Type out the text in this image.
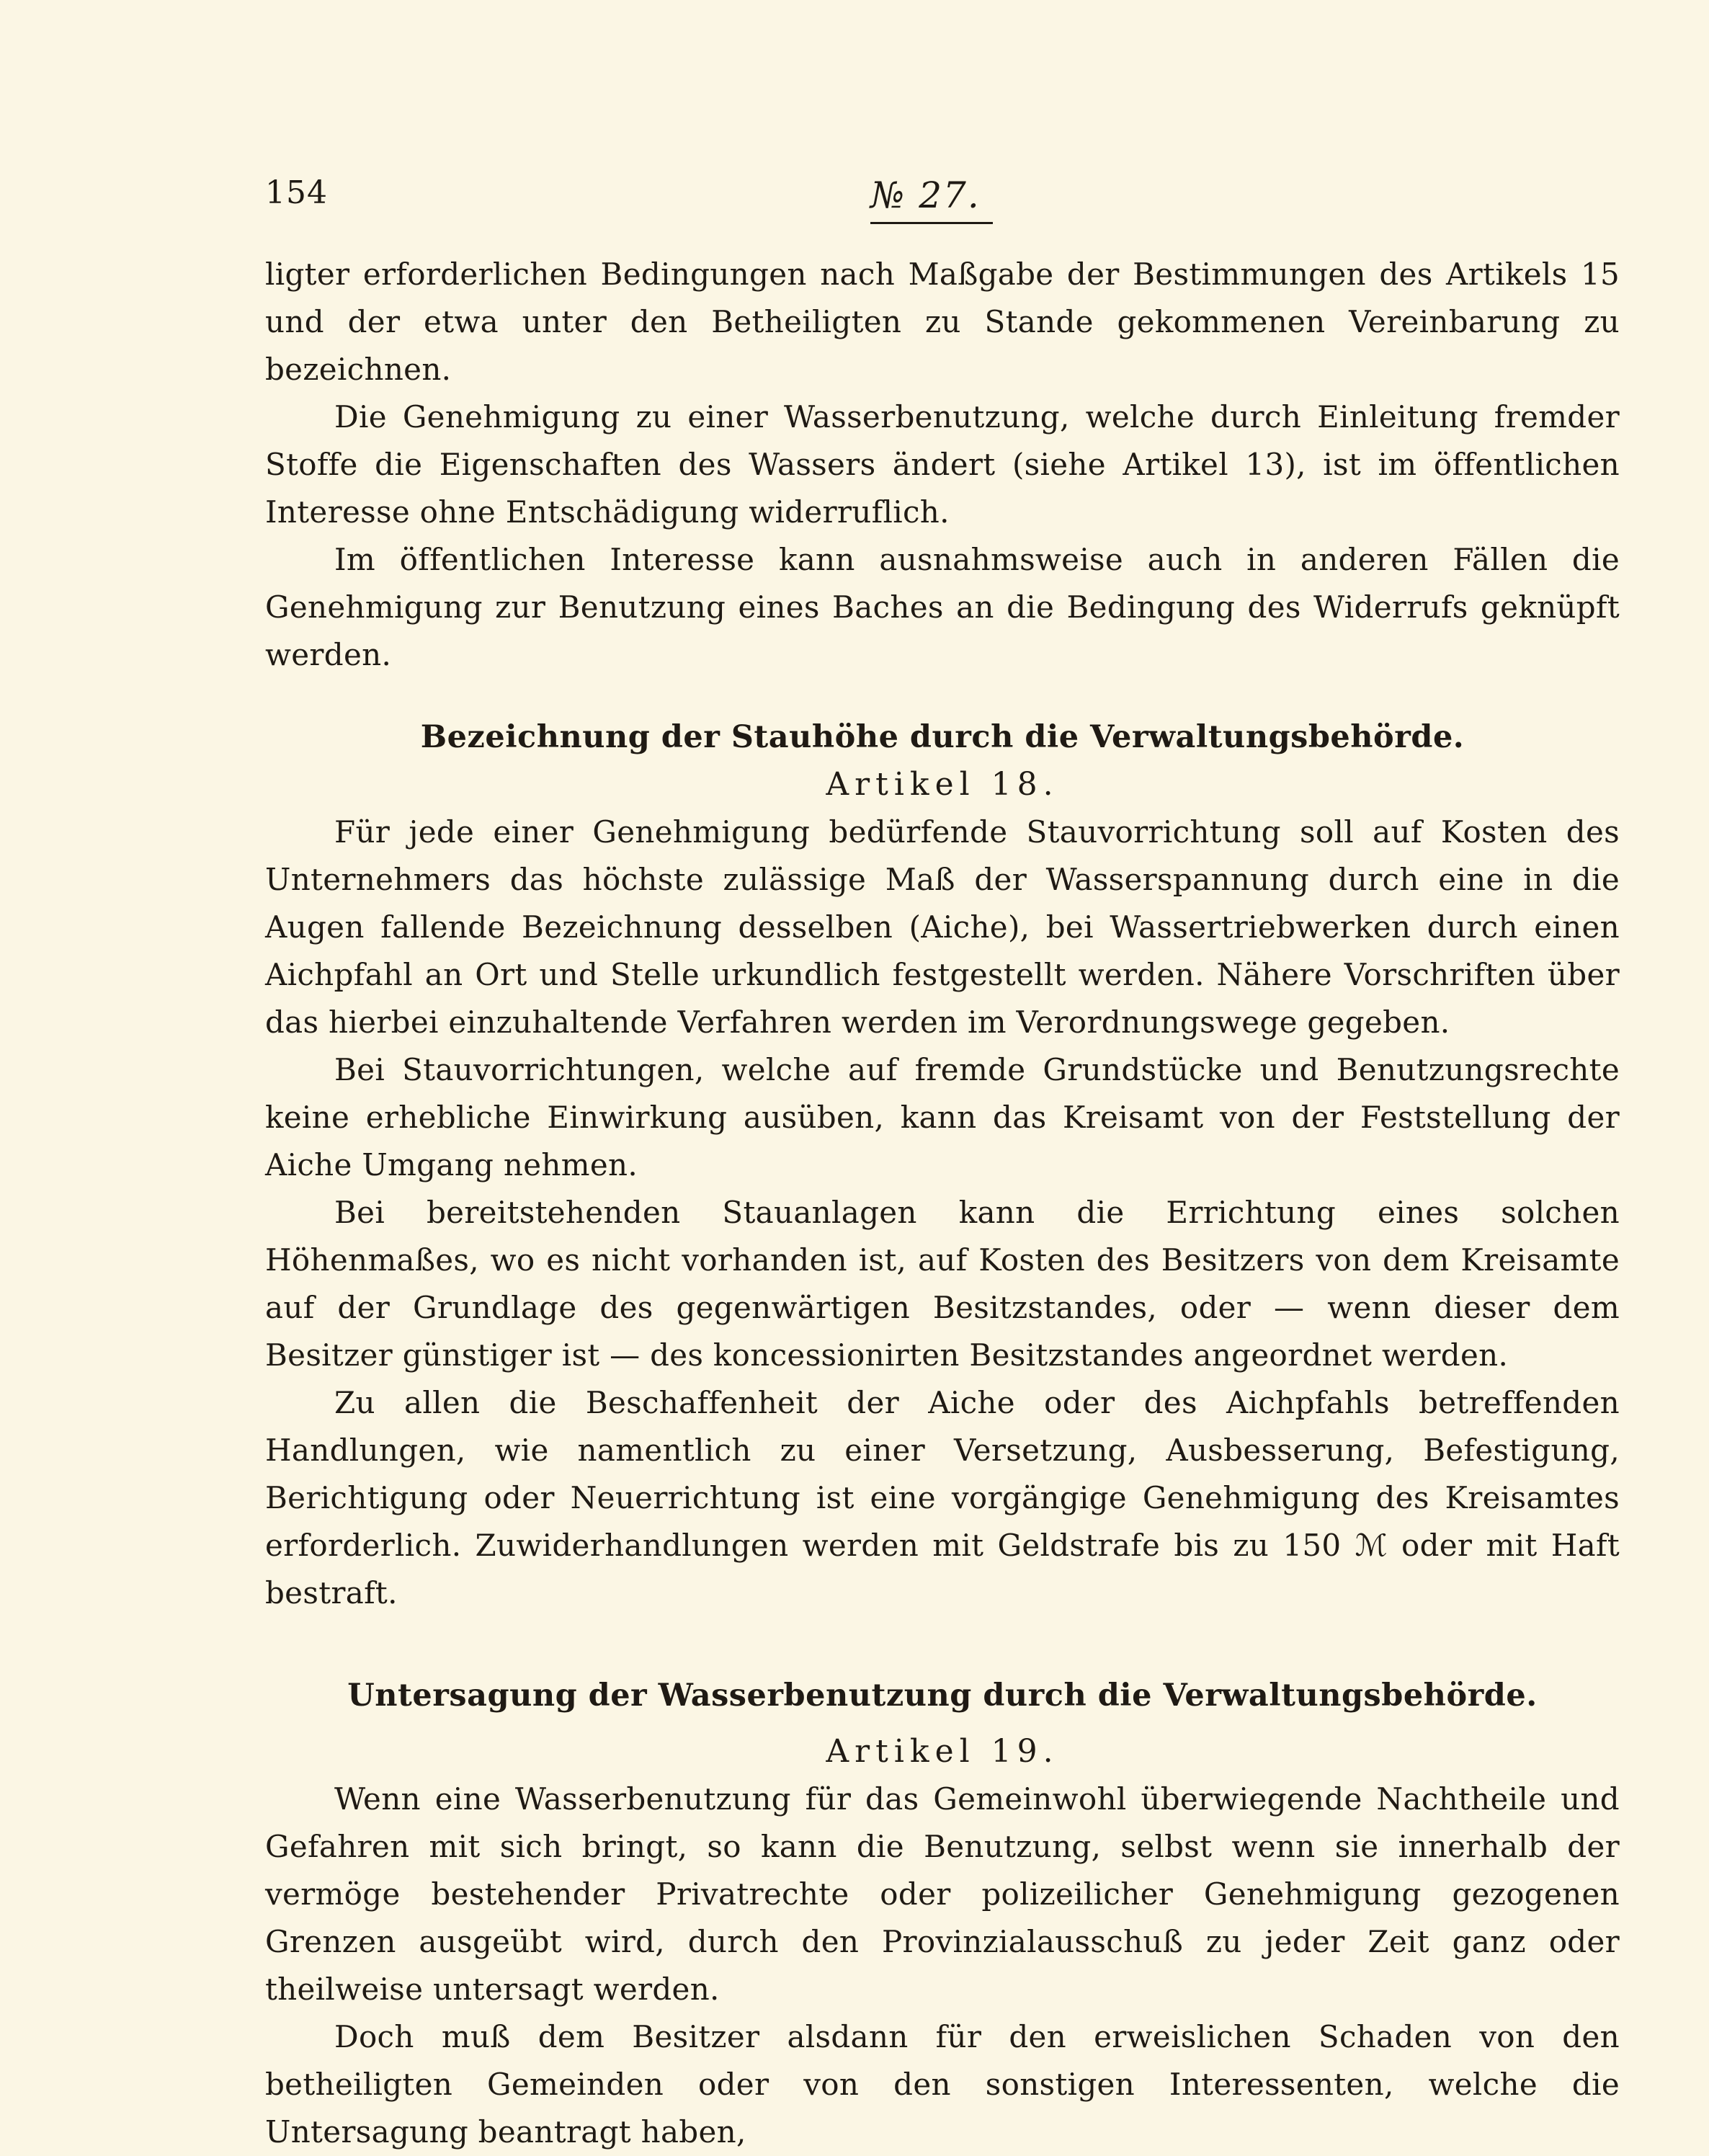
154	№ 27.

ligter erforderlichen Bedingungen nach Maßgabe der Bestimmungen des Artikels 15 und der etwa unter den Betheiligten zu Stande gekommenen Vereinbarung zu bezeichnen.

Die Genehmigung zu einer Wasserbenutzung, welche durch Einleitung fremder Stoffe die Eigenschaften des Wassers ändert (siehe Artikel 13), ist im öffentlichen Interesse ohne Entschädigung widerruflich.

Im öffentlichen Interesse kann ausnahmsweise auch in anderen Fällen die Genehmigung zur Benutzung eines Baches an die Bedingung des Widerrufs geknüpft werden.

Bezeichnung der Stauhöhe durch die Verwaltungsbehörde.
Artikel 18.

Für jede einer Genehmigung bedürfende Stauvorrichtung soll auf Kosten des Unternehmers das höchste zulässige Maß der Wasserspannung durch eine in die Augen fallende Bezeichnung desselben (Aiche), bei Wassertriebwerken durch einen Aichpfahl an Ort und Stelle urkundlich festgestellt werden. Nähere Vorschriften über das hierbei einzuhaltende Verfahren werden im Verordnungswege gegeben.

Bei Stauvorrichtungen, welche auf fremde Grundstücke und Benutzungsrechte keine erhebliche Einwirkung ausüben, kann das Kreisamt von der Feststellung der Aiche Umgang nehmen.

Bei bereitstehenden Stauanlagen kann die Errichtung eines solchen Höhenmaßes, wo es nicht vorhanden ist, auf Kosten des Besitzers von dem Kreisamte auf der Grundlage des gegenwärtigen Besitzstandes, oder — wenn dieser dem Besitzer günstiger ist — des koncessionirten Besitzstandes angeordnet werden.

Zu allen die Beschaffenheit der Aiche oder des Aichpfahls betreffenden Handlungen, wie namentlich zu einer Versetzung, Ausbesserung, Befestigung, Berichtigung oder Neuerrichtung ist eine vorgängige Genehmigung des Kreisamtes erforderlich. Zuwiderhandlungen werden mit Geldstrafe bis zu 150 ℳ oder mit Haft bestraft.

Untersagung der Wasserbenutzung durch die Verwaltungsbehörde.
Artikel 19.

Wenn eine Wasserbenutzung für das Gemeinwohl überwiegende Nachtheile und Gefahren mit sich bringt, so kann die Benutzung, selbst wenn sie innerhalb der vermöge bestehender Privatrechte oder polizeilicher Genehmigung gezogenen Grenzen ausgeübt wird, durch den Provinzialausschuß zu jeder Zeit ganz oder theilweise untersagt werden.

Doch muß dem Besitzer alsdann für den erweislichen Schaden von den betheiligten Gemeinden oder von den sonstigen Interessenten, welche die Untersagung beantragt haben,
